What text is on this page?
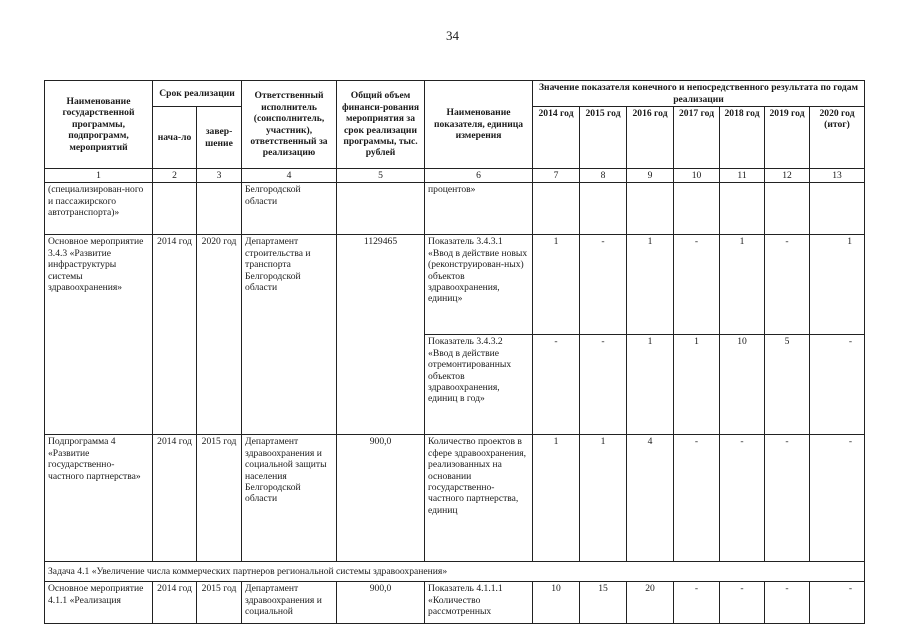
34
Наименование государственной программы, подпрограмм, мероприятий	Срок реализации		Ответственный исполнитель (соисполнитель, участник), ответственный за реализацию	Общий объем финанси-рования мероприятия за срок реализации программы, тыс. рублей	Наименование показателя, единица измерения	Значение показателя конечного и непосредственного результата по годам реализации						
	нача-ло	завер-шение				2014 год	2015 год	2016 год	2017 год	2018 год	2019 год	2020 год (итог)
1	2	3	4	5	6	7	8	9	10	11	12	13
(специализирован-ного и пассажирского автотранспорта)»			Белгородской области		процентов»							
Основное мероприятие 3.4.3 «Развитие инфраструктуры системы здравоохранения»	2014 год	2020 год	Департамент строительства и транспорта Белгородской области	1129465	Показатель 3.4.3.1 «Ввод в действие новых (реконструирован-ных) объектов здравоохранения, единиц»	1	-	1	-	1	-	1
					Показатель 3.4.3.2 «Ввод в действие отремонтированных объектов здравоохранения, единиц в год»	-	-	1	1	10	5	-
Подпрограмма 4 «Развитие государственно-частного партнерства»	2014 год	2015 год	Департамент здравоохранения и социальной защиты населения Белгородской области	900,0	Количество проектов в сфере здравоохранения, реализованных на основании государственно-частного партнерства, единиц	1	1	4	-	-	-	-
Задача 4.1 «Увеличение числа коммерческих партнеров региональной системы здравоохранения»												
Основное мероприятие 4.1.1 «Реализация	2014 год	2015 год	Департамент здравоохранения и социальной	900,0	Показатель 4.1.1.1 «Количество рассмотренных	10	15	20	-	-	-	-
